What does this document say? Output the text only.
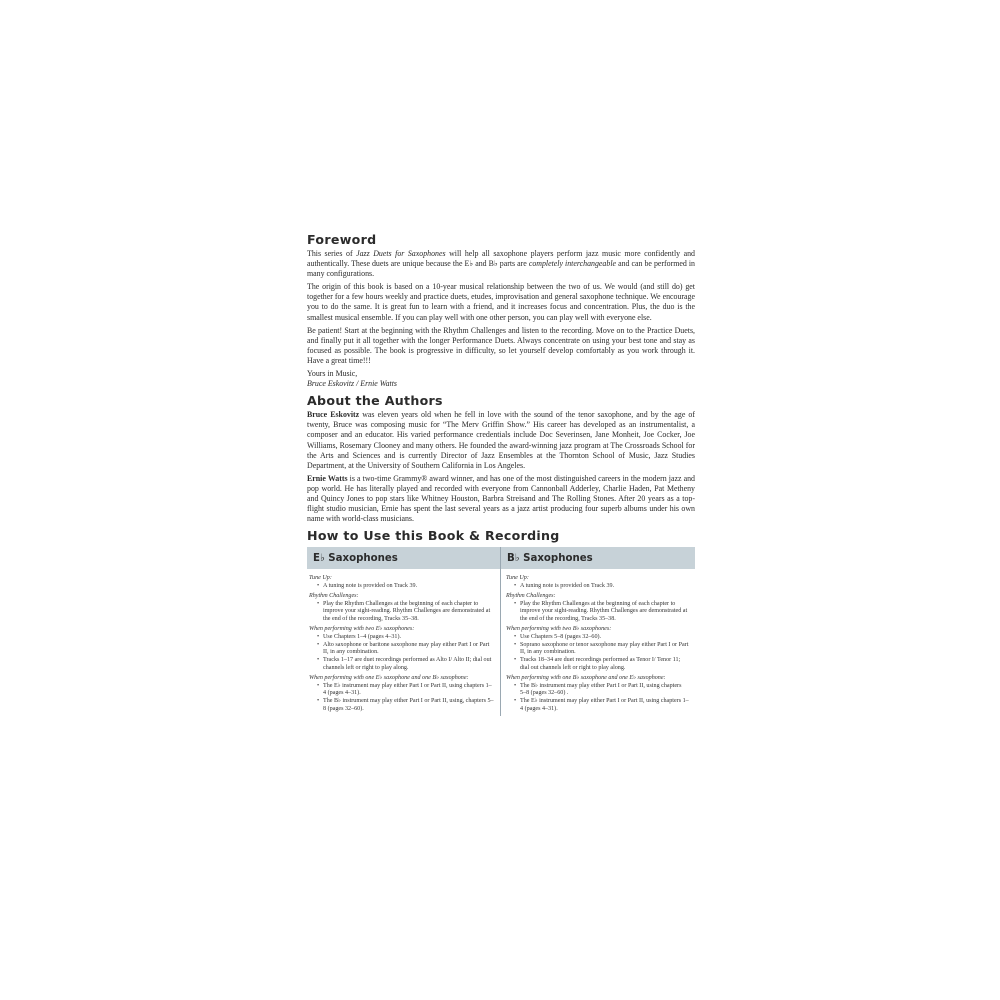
Foreword

This series of Jazz Duets for Saxophones will help all saxophone players perform jazz music more confidently and authentically. These duets are unique because the E♭ and B♭ parts are completely interchangeable and can be performed in many configurations.

The origin of this book is based on a 10-year musical relationship between the two of us. We would (and still do) get together for a few hours weekly and practice duets, etudes, improvisation and general saxophone technique. We encourage you to do the same. It is great fun to learn with a friend, and it increases focus and concentration. Plus, the duo is the smallest musical ensemble. If you can play well with one other person, you can play well with everyone else.

Be patient! Start at the beginning with the Rhythm Challenges and listen to the recording. Move on to the Practice Duets, and finally put it all together with the longer Performance Duets. Always concentrate on using your best tone and stay as focused as possible. The book is progressive in difficulty, so let yourself develop comfortably as you work through it. Have a great time!!!

Yours in Music,

Bruce Eskovitz / Ernie Watts

About the Authors

Bruce Eskovitz was eleven years old when he fell in love with the sound of the tenor saxophone, and by the age of twenty, Bruce was composing music for “The Merv Griffin Show.” His career has developed as an instrumentalist, a composer and an educator. His varied performance credentials include Doc Severinsen, Jane Monheit, Joe Cocker, Joe Williams, Rosemary Clooney and many others. He founded the award-winning jazz program at The Crossroads School for the Arts and Sciences and is currently Director of Jazz Ensembles at the Thornton School of Music, Jazz Studies Department, at the University of Southern California in Los Angeles.

Ernie Watts is a two-time Grammy® award winner, and has one of the most distinguished careers in the modern jazz and pop world. He has literally played and recorded with everyone from Cannonball Adderley, Charlie Haden, Pat Metheny and Quincy Jones to pop stars like Whitney Houston, Barbra Streisand and The Rolling Stones. After 20 years as a top-flight studio musician, Ernie has spent the last several years as a jazz artist producing four superb albums under his own name with world-class musicians.

How to Use this Book & Recording
E♭ Saxophones
Tune Up:
• A tuning note is provided on Track 39.
Rhythm Challenges:
• Play the Rhythm Challenges at the beginning of each chapter to improve your sight-reading. Rhythm Challenges are demonstrated at the end of the recording, Tracks 35–38.
When performing with two E♭ saxophones:
• Use Chapters 1–4 (pages 4–31).
• Alto saxophone or baritone saxophone may play either Part I or Part II, in any combination.
• Tracks 1–17 are duet recordings performed as Alto I/ Alto II; dial out channels left or right to play along.
When performing with one E♭ saxophone and one B♭ saxophone:
• The E♭ instrument may play either Part I or Part II, using chapters 1–4 (pages 4–31).
• The B♭ instrument may play either Part I or Part II, using, chapters 5–8 (pages 32–60).
B♭ Saxophones
Tune Up:
• A tuning note is provided on Track 39.
Rhythm Challenges:
• Play the Rhythm Challenges at the beginning of each chapter to improve your sight-reading. Rhythm Challenges are demonstrated at the end of the recording, Tracks 35–38.
When performing with two B♭ saxophones:
• Use Chapters 5–8 (pages 32–60).
• Soprano saxophone or tenor saxophone may play either Part I or Part II, in any combination.
• Tracks 18–34 are duet recordings performed as Tenor I/ Tenor 11; dial out channels left or right to play along.
When performing with one B♭ saxophone and one E♭ saxophone:
• The B♭ instrument may play either Part I or Part II, using chapters 5–8 (pages 32–60) .
• The E♭ instrument may play either Part I or Part II, using chapters 1–4 (pages 4–31).
